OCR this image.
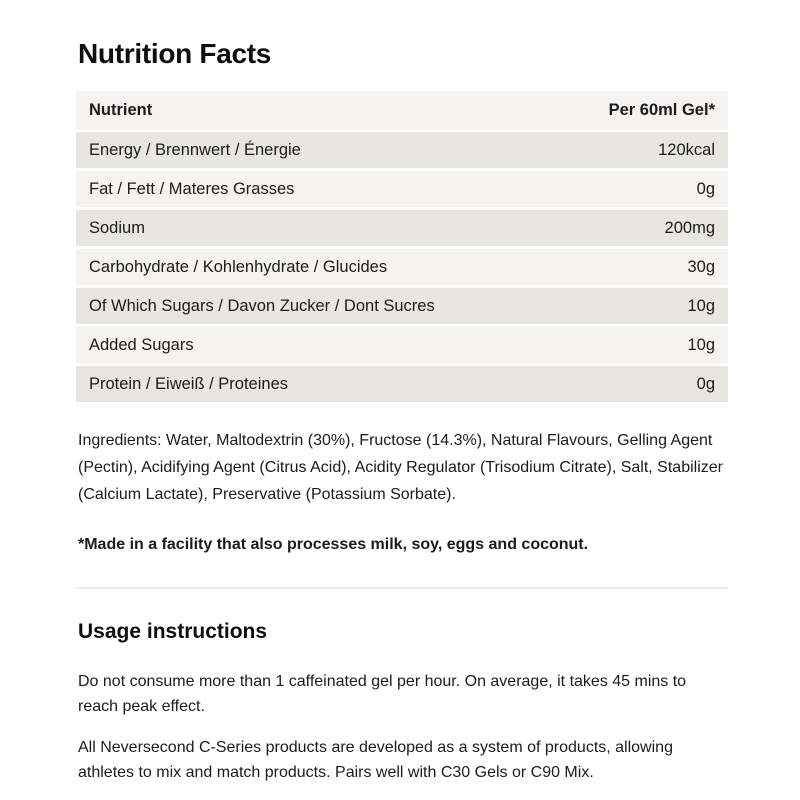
Nutrition Facts
Nutrient	Per 60ml Gel*
Energy / Brennwert / Énergie	120kcal
Fat / Fett / Materes Grasses	0g
Sodium	200mg
Carbohydrate / Kohlenhydrate / Glucides	30g
Of Which Sugars / Davon Zucker / Dont Sucres	10g
Added Sugars	10g
Protein / Eiweiß / Proteines	0g

Ingredients: Water, Maltodextrin (30%), Fructose (14.3%), Natural Flavours, Gelling Agent (Pectin), Acidifying Agent (Citrus Acid), Acidity Regulator (Trisodium Citrate), Salt, Stabilizer (Calcium Lactate), Preservative (Potassium Sorbate).

*Made in a facility that also processes milk, soy, eggs and coconut.

Usage instructions

Do not consume more than 1 caffeinated gel per hour. On average, it takes 45 mins to reach peak effect.

All Neversecond C-Series products are developed as a system of products, allowing athletes to mix and match products. Pairs well with C30 Gels or C90 Mix.
